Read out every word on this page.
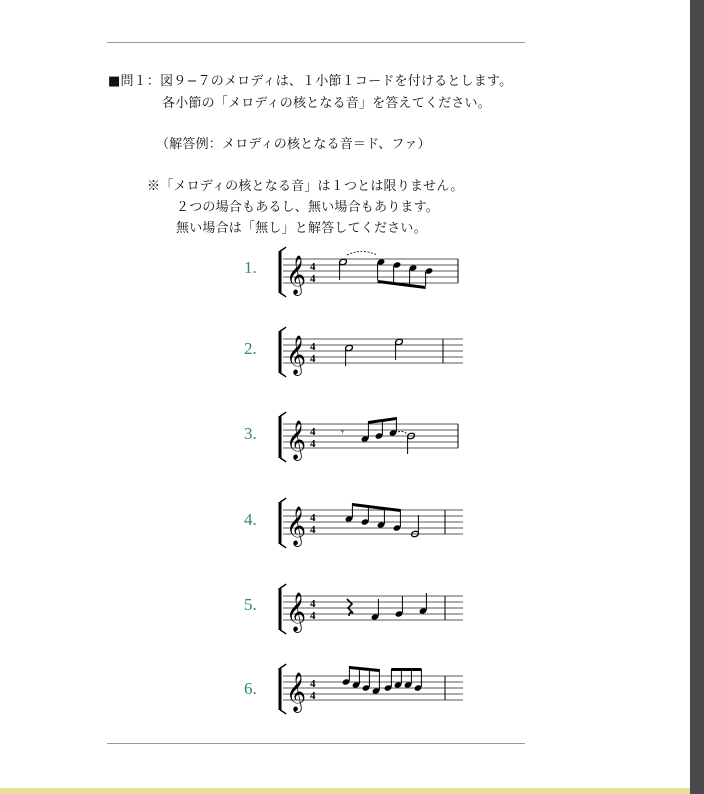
■問１：図９−７のメロディは、１小節１コードを付けるとします。
各小節の「メロディの核となる音」を答えてください。
（解答例：メロディの核となる音＝ド、ファ）
※「メロディの核となる音」は１つとは限りません。
２つの場合もあるし、無い場合もあります。
無い場合は「無し」と解答してください。
1. 𝄞 4
4
2. 𝄞 4
4
3. 𝄞 4
4
𝄾
4. 𝄞 4
4
5. 𝄞 4
4
6. 𝄞 4
4
